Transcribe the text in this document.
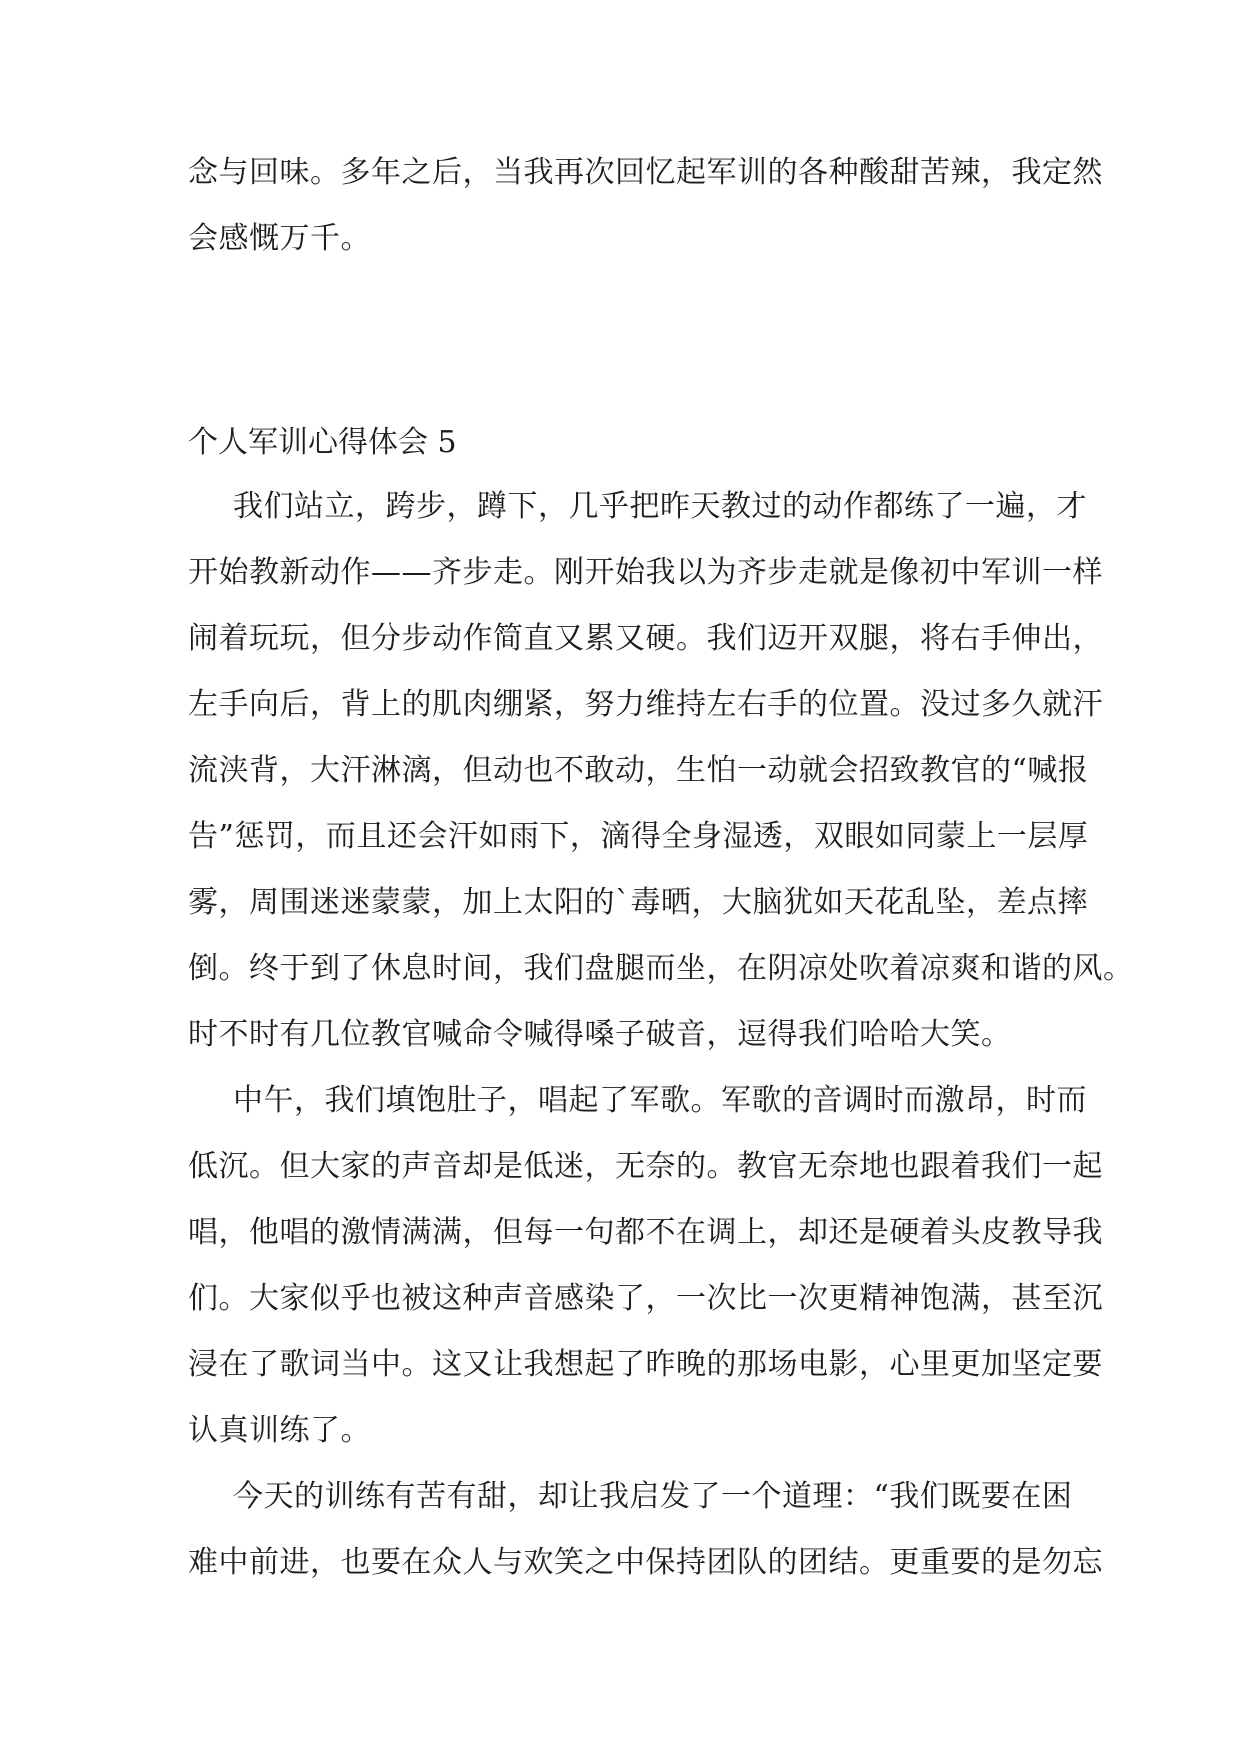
念与回味。多年之后，当我再次回忆起军训的各种酸甜苦辣，我定然
会感慨万千。
个人军训心得体会 5
我们站立，跨步，蹲下，几乎把昨天教过的动作都练了一遍，才
开始教新动作——齐步走。刚开始我以为齐步走就是像初中军训一样
闹着玩玩，但分步动作简直又累又硬。我们迈开双腿，将右手伸出，
左手向后，背上的肌肉绷紧，努力维持左右手的位置。没过多久就汗
流浃背，大汗淋漓，但动也不敢动，生怕一动就会招致教官的“喊报
告”惩罚，而且还会汗如雨下，滴得全身湿透，双眼如同蒙上一层厚
雾，周围迷迷蒙蒙，加上太阳的`毒晒，大脑犹如天花乱坠，差点摔
倒。终于到了休息时间，我们盘腿而坐，在阴凉处吹着凉爽和谐的风。
时不时有几位教官喊命令喊得嗓子破音，逗得我们哈哈大笑。
中午，我们填饱肚子，唱起了军歌。军歌的音调时而激昂，时而
低沉。但大家的声音却是低迷，无奈的。教官无奈地也跟着我们一起
唱，他唱的激情满满，但每一句都不在调上，却还是硬着头皮教导我
们。大家似乎也被这种声音感染了，一次比一次更精神饱满，甚至沉
浸在了歌词当中。这又让我想起了昨晚的那场电影，心里更加坚定要
认真训练了。
今天的训练有苦有甜，却让我启发了一个道理：“我们既要在困
难中前进，也要在众人与欢笑之中保持团队的团结。更重要的是勿忘
